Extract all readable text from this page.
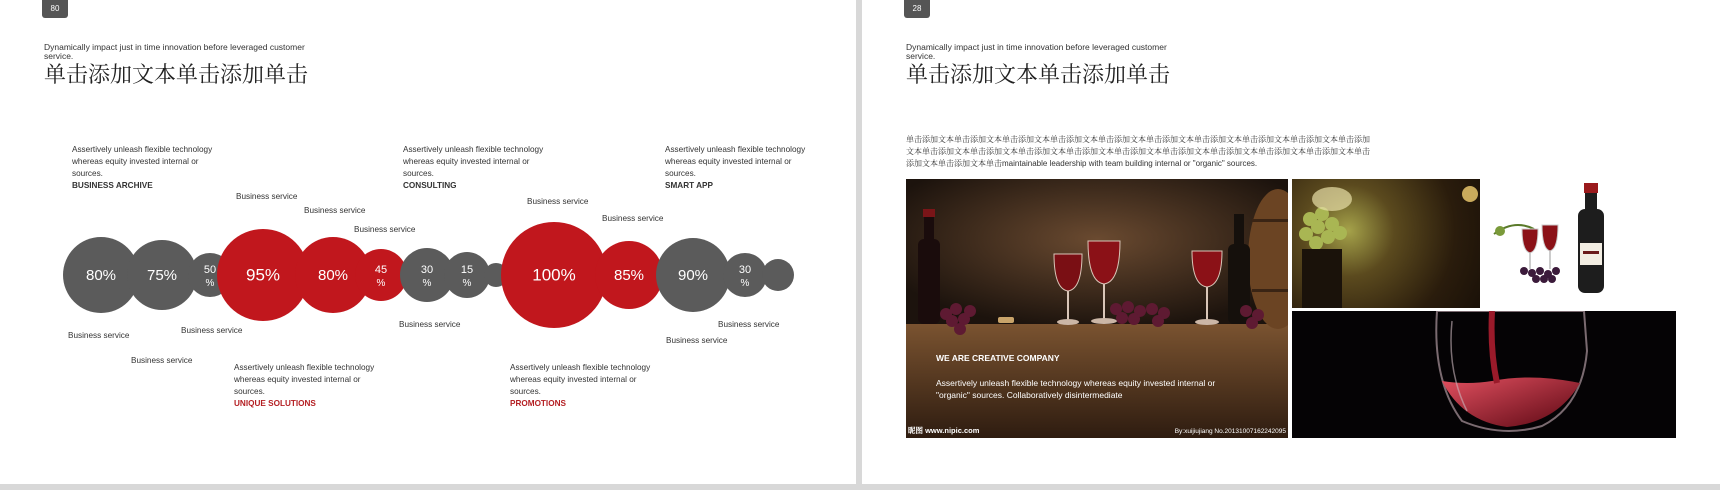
80
Dynamically impact just in time innovation before leveraged customer service.
单击添加文本单击添加单击
Assertively unleash flexible technology whereas equity invested internal or sources.
BUSINESS ARCHIVE
Assertively unleash flexible technology whereas equity invested internal or sources.
CONSULTING
Assertively unleash flexible technology whereas equity invested internal or sources.
SMART APP
Assertively unleash flexible technology whereas equity invested internal or sources.
UNIQUE SOLUTIONS
Assertively unleash flexible technology whereas equity invested internal or sources.
PROMOTIONS
Business service
Business service
Business service
Business service
Business service
Business service
Business service
Business service
Business service	Business service
Business service
80% 75% 50
% 95%	80% 45
%
30
%
15
%	100%	85% 90%	30
%
28
Dynamically impact just in time innovation before leveraged customer service.
单击添加文本单击添加单击
单击添加文本单击添加文本单击添加文本单击添加文本单击添加文本单击添加文本单击添加文本单击添加文本单击添加文本单击添加文本单击添加文本单击添加文本单击添加文本单击添加文本单击添加文本单击添加文本单击添加文本单击添加文本单击添加文本单击添加文本单击添加文本单击maintainable leadership with team building internal or "organic" sources.
WE ARE CREATIVE COMPANY
Assertively unleash flexible technology whereas equity invested internal or "organic" sources. Collaboratively disintermediate
昵图 www.nipic.com	By:xuijiujiang No.20131007162242095
